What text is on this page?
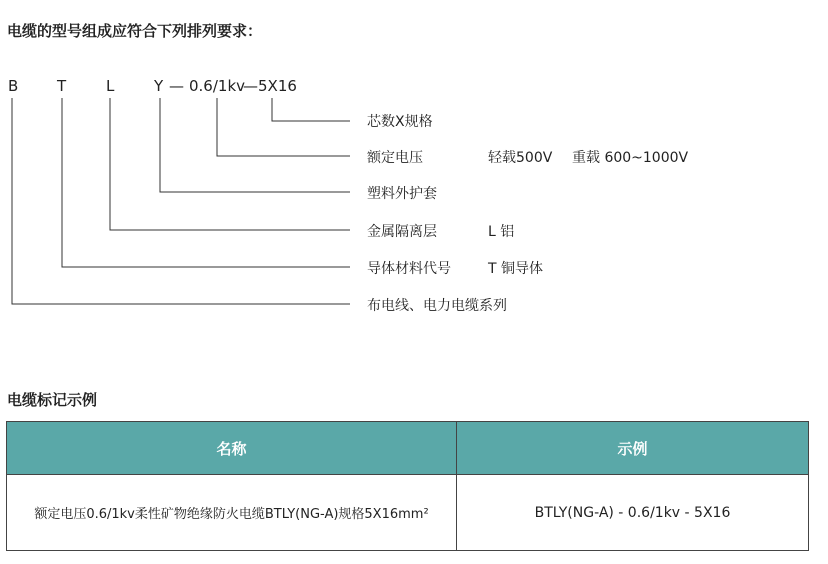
电缆的型号组成应符合下列排列要求：
B	T	L	Y — 0.6/1kv
— 5X16
芯数X规格
额定电压	轻载500V 重载 600~1000V
塑料外护套
金属隔离层	L 铝
导体材料代号	T 铜导体
布电线、电力电缆系列
电缆标记示例
名称	示例
额定电压0.6/1kv柔性矿物绝缘防火电缆BTLY(NG-A)规格5X16mm²	BTLY(NG-A) - 0.6/1kv - 5X16
